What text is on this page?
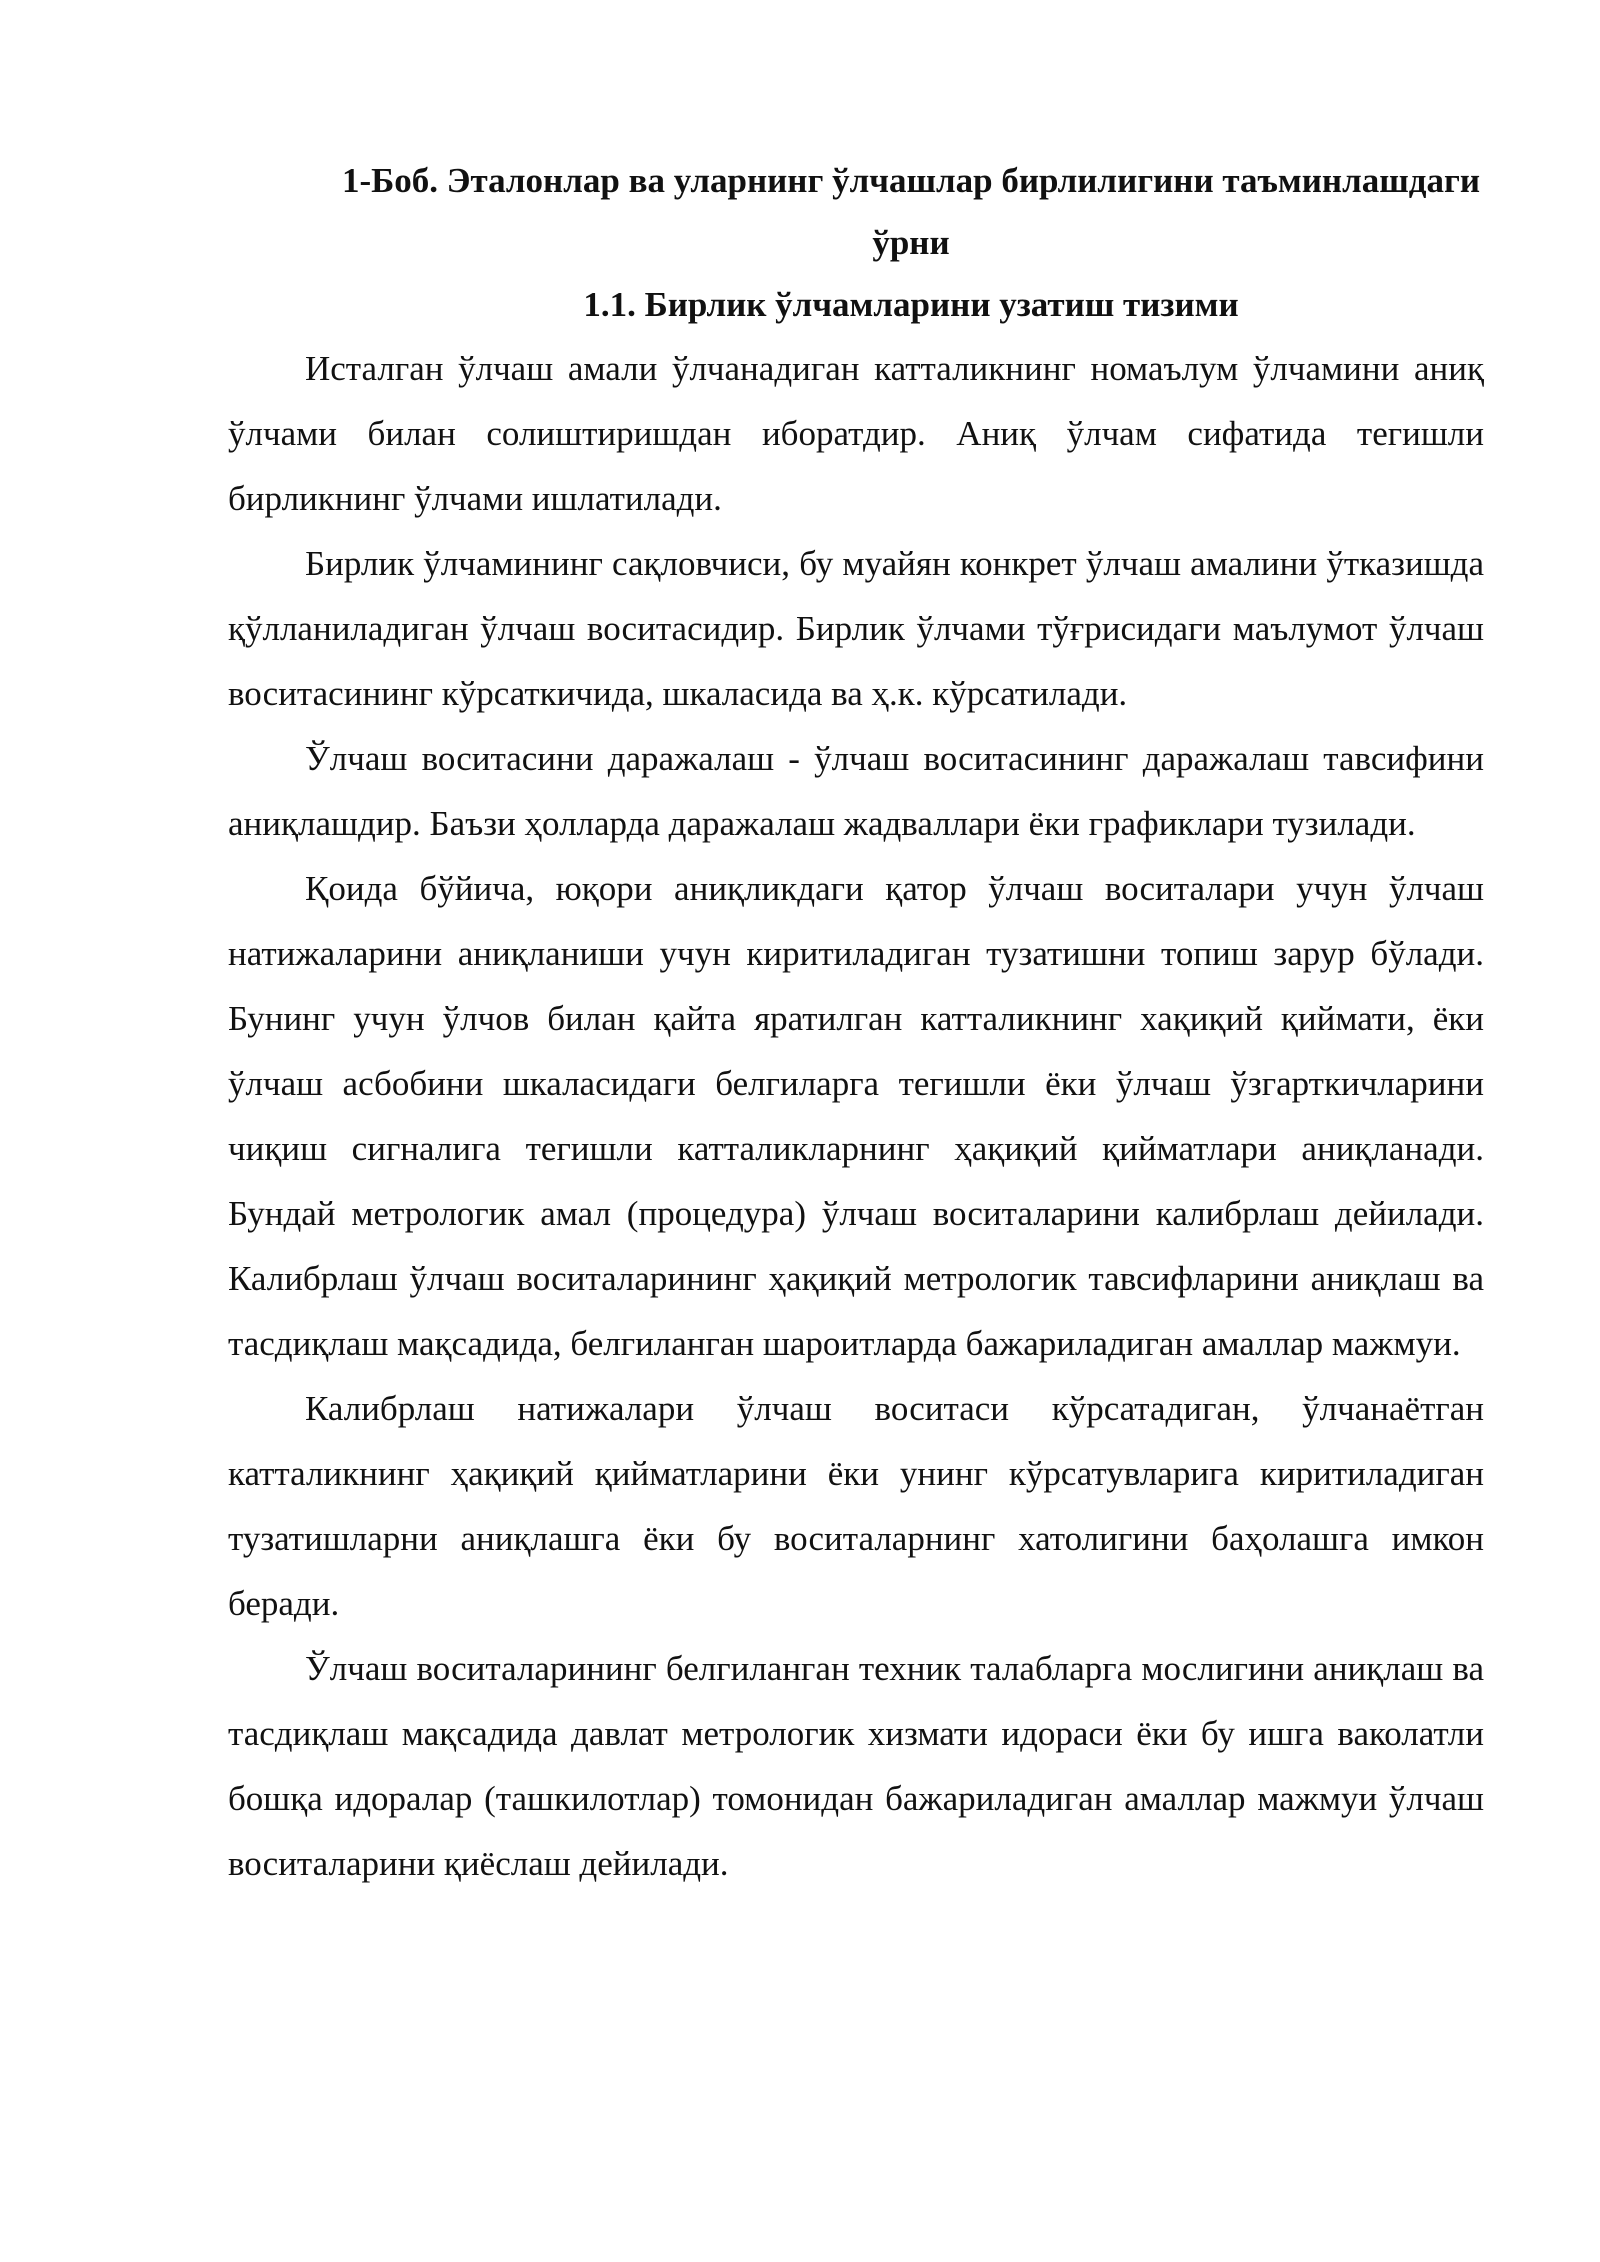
1-Боб. Эталонлар ва уларнинг ўлчашлар бирлилигини таъминлашдаги ўрни
1.1. Бирлик ўлчамларини узатиш тизими

Исталган ўлчаш амали ўлчанадиган катталикнинг номаълум ўлчамини аниқ ўлчами билан солиштиришдан иборатдир. Аниқ ўлчам сифатида тегишли бирликнинг ўлчами ишлатилади.

Бирлик ўлчамининг сақловчиси, бу муайян конкрет ўлчаш амалини ўтказишда қўлланиладиган ўлчаш воситасидир. Бирлик ўлчами тўғрисидаги маълумот ўлчаш воситасининг кўрсаткичида, шкаласида ва ҳ.к. кўрсатилади.

Ўлчаш воситасини даражалаш - ўлчаш воситасининг даражалаш тавсифини аниқлашдир. Баъзи ҳолларда даражалаш жадваллари ёки графиклари тузилади.

Қоида бўйича, юқори аниқликдаги қатор ўлчаш воситалари учун ўлчаш натижаларини аниқланиши учун киритиладиган тузатишни топиш зарур бўлади. Бунинг учун ўлчов билан қайта яратилган катталикнинг хақиқий қиймати, ёки ўлчаш асбобини шкаласидаги белгиларга тегишли ёки ўлчаш ўзгарткичларини чиқиш сигналига тегишли катталикларнинг ҳақиқий қийматлари аниқланади. Бундай метрологик амал (процедура) ўлчаш воситаларини калибрлаш дейилади. Калибрлаш ўлчаш воситаларининг ҳақиқий метрологик тавсифларини аниқлаш ва тасдиқлаш мақсадида, белгиланган шароитларда бажариладиган амаллар мажмуи.

Калибрлаш натижалари ўлчаш воситаси кўрсатадиган, ўлчанаётган катталикнинг ҳақиқий қийматларини ёки унинг кўрсатувларига киритиладиган тузатишларни аниқлашга ёки бу воситаларнинг хатолигини баҳолашга имкон беради.

Ўлчаш воситаларининг белгиланган техник талабларга мослигини аниқлаш ва тасдиқлаш мақсадида давлат метрологик хизмати идораси ёки бу ишга ваколатли бошқа идоралар (ташкилотлар) томонидан бажариладиган амаллар мажмуи ўлчаш воситаларини қиёслаш дейилади.
